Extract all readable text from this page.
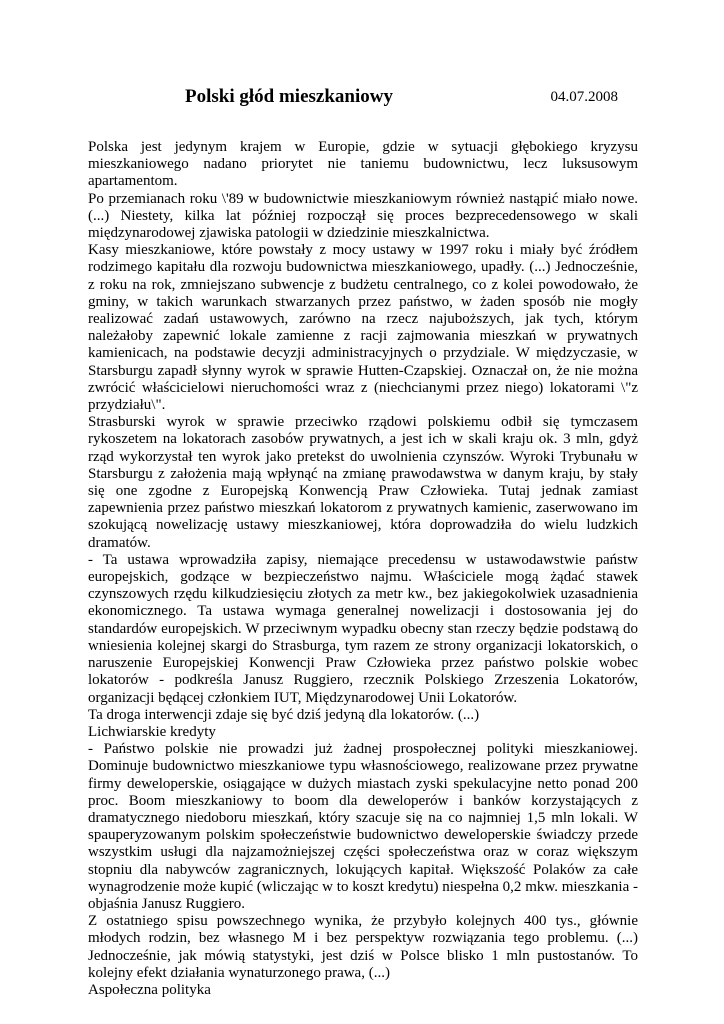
Polski głód mieszkaniowy	04.07.2008

Polska jest jedynym krajem w Europie, gdzie w sytuacji głębokiego kryzysu mieszkaniowego nadano priorytet nie taniemu budownictwu, lecz luksusowym apartamentom.

Po przemianach roku \'89 w budownictwie mieszkaniowym również nastąpić miało nowe. (...) Niestety, kilka lat później rozpoczął się proces bezprecedensowego w skali międzynarodowej zjawiska patologii w dziedzinie mieszkalnictwa.

Kasy mieszkaniowe, które powstały z mocy ustawy w 1997 roku i miały być źródłem rodzimego kapitału dla rozwoju budownictwa mieszkaniowego, upadły. (...) Jednocześnie, z roku na rok, zmniejszano subwencje z budżetu centralnego, co z kolei powodowało, że gminy, w takich warunkach stwarzanych przez państwo, w żaden sposób nie mogły realizować zadań ustawowych, zarówno na rzecz najuboższych, jak tych, którym należałoby zapewnić lokale zamienne z racji zajmowania mieszkań w prywatnych kamienicach, na podstawie decyzji administracyjnych o przydziale. W międzyczasie, w Starsburgu zapadł słynny wyrok w sprawie Hutten-Czapskiej. Oznaczał on, że nie można zwrócić właścicielowi nieruchomości wraz z (niechcianymi przez niego) lokatorami \"z przydziału\".

Strasburski wyrok w sprawie przeciwko rządowi polskiemu odbił się tymczasem rykoszetem na lokatorach zasobów prywatnych, a jest ich w skali kraju ok. 3 mln, gdyż rząd wykorzystał ten wyrok jako pretekst do uwolnienia czynszów. Wyroki Trybunału w Starsburgu z założenia mają wpłynąć na zmianę prawodawstwa w danym kraju, by stały się one zgodne z Europejską Konwencją Praw Człowieka. Tutaj jednak zamiast zapewnienia przez państwo mieszkań lokatorom z prywatnych kamienic, zaserwowano im szokującą nowelizację ustawy mieszkaniowej, która doprowadziła do wielu ludzkich dramatów.

- Ta ustawa wprowadziła zapisy, niemające precedensu w ustawodawstwie państw europejskich, godzące w bezpieczeństwo najmu. Właściciele mogą żądać stawek czynszowych rzędu kilkudziesięciu złotych za metr kw., bez jakiegokolwiek uzasadnienia ekonomicznego. Ta ustawa wymaga generalnej nowelizacji i dostosowania jej do standardów europejskich. W przeciwnym wypadku obecny stan rzeczy będzie podstawą do wniesienia kolejnej skargi do Strasburga, tym razem ze strony organizacji lokatorskich, o naruszenie Europejskiej Konwencji Praw Człowieka przez państwo polskie wobec lokatorów - podkreśla Janusz Ruggiero, rzecznik Polskiego Zrzeszenia Lokatorów, organizacji będącej członkiem IUT, Międzynarodowej Unii Lokatorów.

Ta droga interwencji zdaje się być dziś jedyną dla lokatorów. (...)

Lichwiarskie kredyty

- Państwo polskie nie prowadzi już żadnej prospołecznej polityki mieszkaniowej. Dominuje budownictwo mieszkaniowe typu własnościowego, realizowane przez prywatne firmy deweloperskie, osiągające w dużych miastach zyski spekulacyjne netto ponad 200 proc. Boom mieszkaniowy to boom dla deweloperów i banków korzystających z dramatycznego niedoboru mieszkań, który szacuje się na co najmniej 1,5 mln lokali. W spauperyzowanym polskim społeczeństwie budownictwo deweloperskie świadczy przede wszystkim usługi dla najzamożniejszej części społeczeństwa oraz w coraz większym stopniu dla nabywców zagranicznych, lokujących kapitał. Większość Polaków za całe wynagrodzenie może kupić (wliczając w to koszt kredytu) niespełna 0,2 mkw. mieszkania - objaśnia Janusz Ruggiero.

Z ostatniego spisu powszechnego wynika, że przybyło kolejnych 400 tys., głównie młodych rodzin, bez własnego M i bez perspektyw rozwiązania tego problemu. (...) Jednocześnie, jak mówią statystyki, jest dziś w Polsce blisko 1 mln pustostanów. To kolejny efekt działania wynaturzonego prawa, (...)

Aspołeczna polityka
